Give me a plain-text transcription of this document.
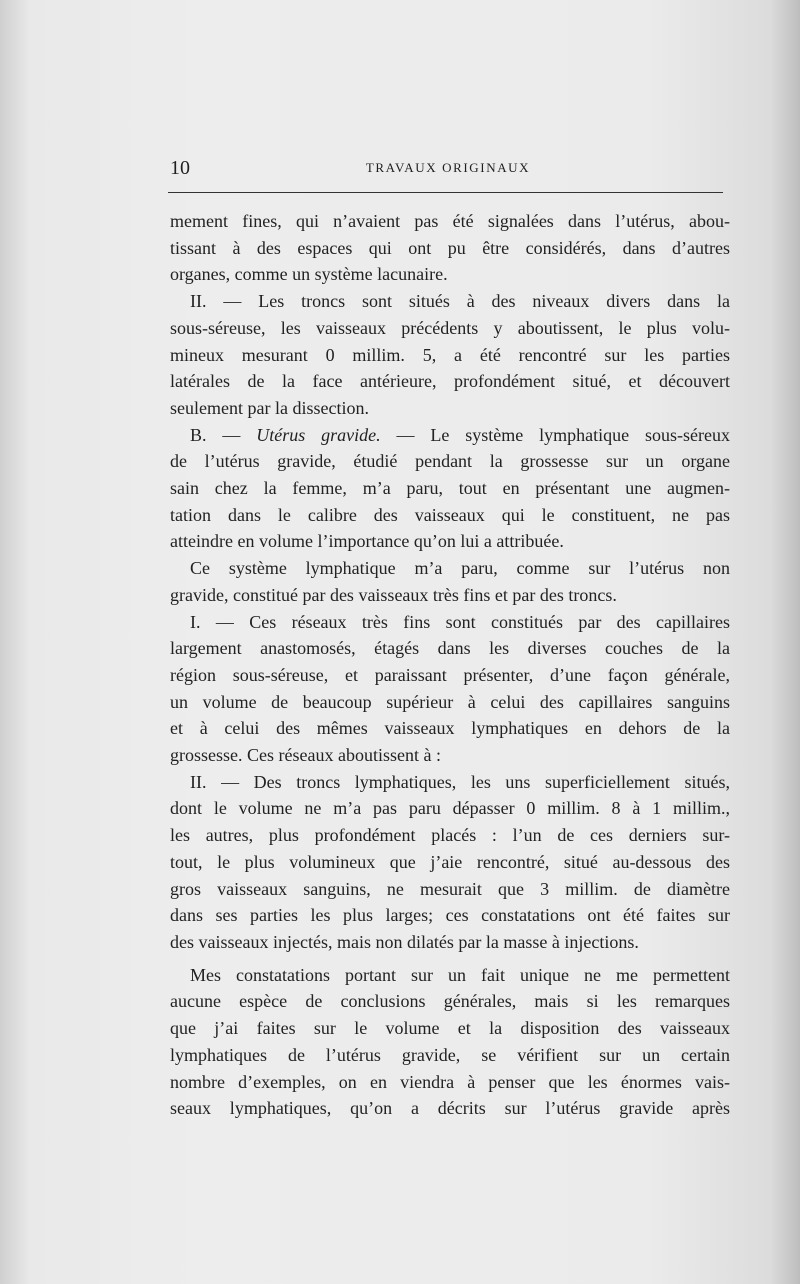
10	TRAVAUX ORIGINAUX
mement fines, qui n’avaient pas été signalées dans l’utérus, abou-
tissant à des espaces qui ont pu être considérés, dans d’autres
organes, comme un système lacunaire.
II. — Les troncs sont situés à des niveaux divers dans la
sous-séreuse, les vaisseaux précédents y aboutissent, le plus volu-
mineux mesurant 0 millim. 5, a été rencontré sur les parties
latérales de la face antérieure, profondément situé, et découvert
seulement par la dissection.
B. — Utérus gravide. — Le système lymphatique sous-séreux
de l’utérus gravide, étudié pendant la grossesse sur un organe
sain chez la femme, m’a paru, tout en présentant une augmen-
tation dans le calibre des vaisseaux qui le constituent, ne pas
atteindre en volume l’importance qu’on lui a attribuée.
Ce système lymphatique m’a paru, comme sur l’utérus non
gravide, constitué par des vaisseaux très fins et par des troncs.
I. — Ces réseaux très fins sont constitués par des capillaires
largement anastomosés, étagés dans les diverses couches de la
région sous-séreuse, et paraissant présenter, d’une façon générale,
un volume de beaucoup supérieur à celui des capillaires sanguins
et à celui des mêmes vaisseaux lymphatiques en dehors de la
grossesse. Ces réseaux aboutissent à :
II. — Des troncs lymphatiques, les uns superficiellement situés,
dont le volume ne m’a pas paru dépasser 0 millim. 8 à 1 millim.,
les autres, plus profondément placés : l’un de ces derniers sur-
tout, le plus volumineux que j’aie rencontré, situé au-dessous des
gros vaisseaux sanguins, ne mesurait que 3 millim. de diamètre
dans ses parties les plus larges; ces constatations ont été faites sur
des vaisseaux injectés, mais non dilatés par la masse à injections.
Mes constatations portant sur un fait unique ne me permettent
aucune espèce de conclusions générales, mais si les remarques
que j’ai faites sur le volume et la disposition des vaisseaux
lymphatiques de l’utérus gravide, se vérifient sur un certain
nombre d’exemples, on en viendra à penser que les énormes vais-
seaux lymphatiques, qu’on a décrits sur l’utérus gravide après
